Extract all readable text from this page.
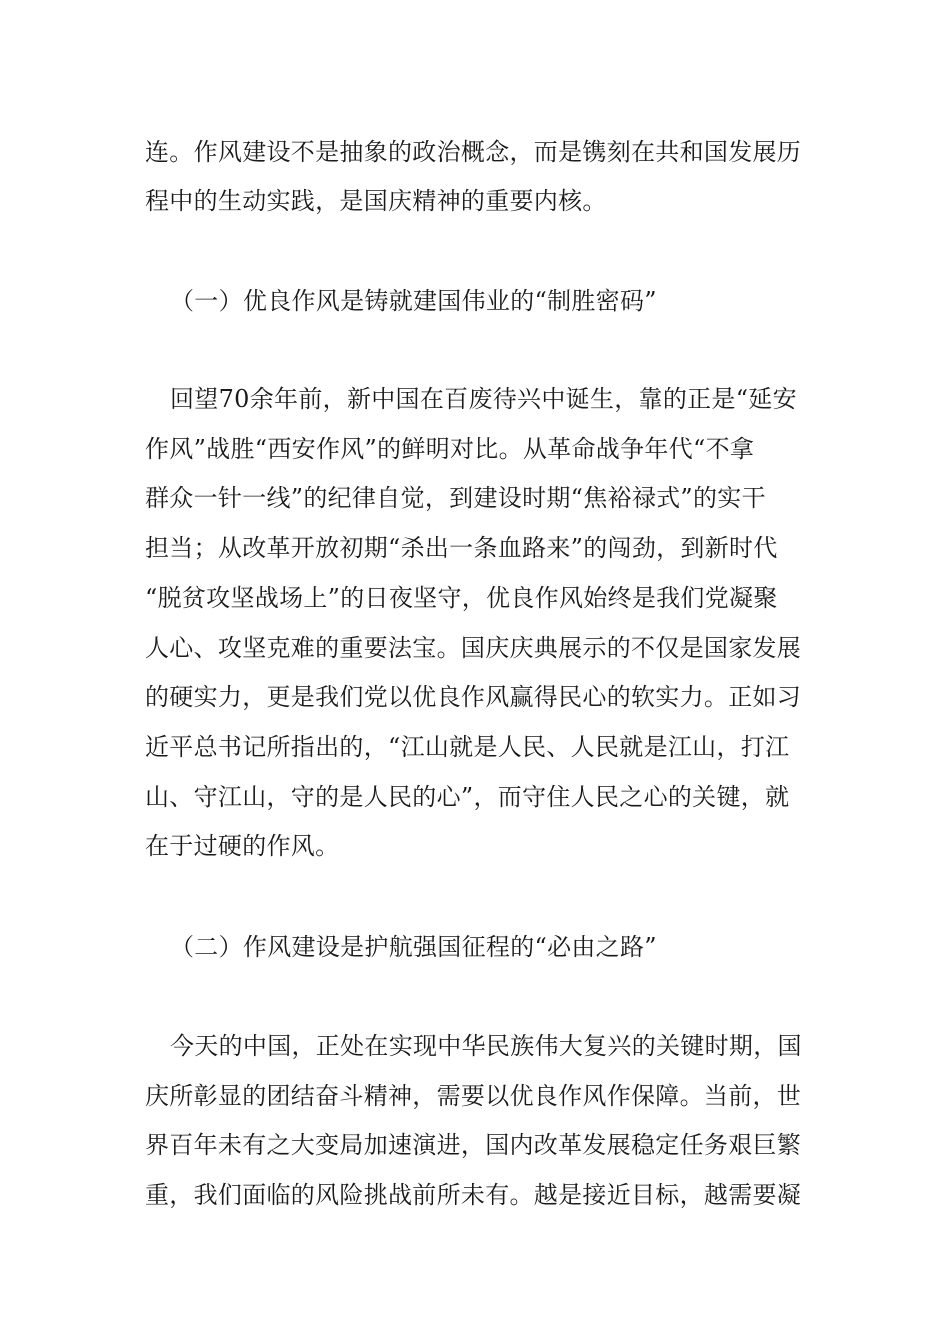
连。作风建设不是抽象的政治概念，而是镌刻在共和国发展历
程中的生动实践，是国庆精神的重要内核。
（一）优良作风是铸就建国伟业的“制胜密码”
回望70余年前，新中国在百废待兴中诞生，靠的正是“延安
作风”战胜“西安作风”的鲜明对比。从革命战争年代“不拿
群众一针一线”的纪律自觉，到建设时期“焦裕禄式”的实干
担当；从改革开放初期“杀出一条血路来”的闯劲，到新时代
“脱贫攻坚战场上”的日夜坚守，优良作风始终是我们党凝聚
人心、攻坚克难的重要法宝。国庆庆典展示的不仅是国家发展
的硬实力，更是我们党以优良作风赢得民心的软实力。正如习
近平总书记所指出的，“江山就是人民、人民就是江山，打江
山、守江山，守的是人民的心”，而守住人民之心的关键，就
在于过硬的作风。
（二）作风建设是护航强国征程的“必由之路”
今天的中国，正处在实现中华民族伟大复兴的关键时期，国
庆所彰显的团结奋斗精神，需要以优良作风作保障。当前，世
界百年未有之大变局加速演进，国内改革发展稳定任务艰巨繁
重，我们面临的风险挑战前所未有。越是接近目标，越需要凝
